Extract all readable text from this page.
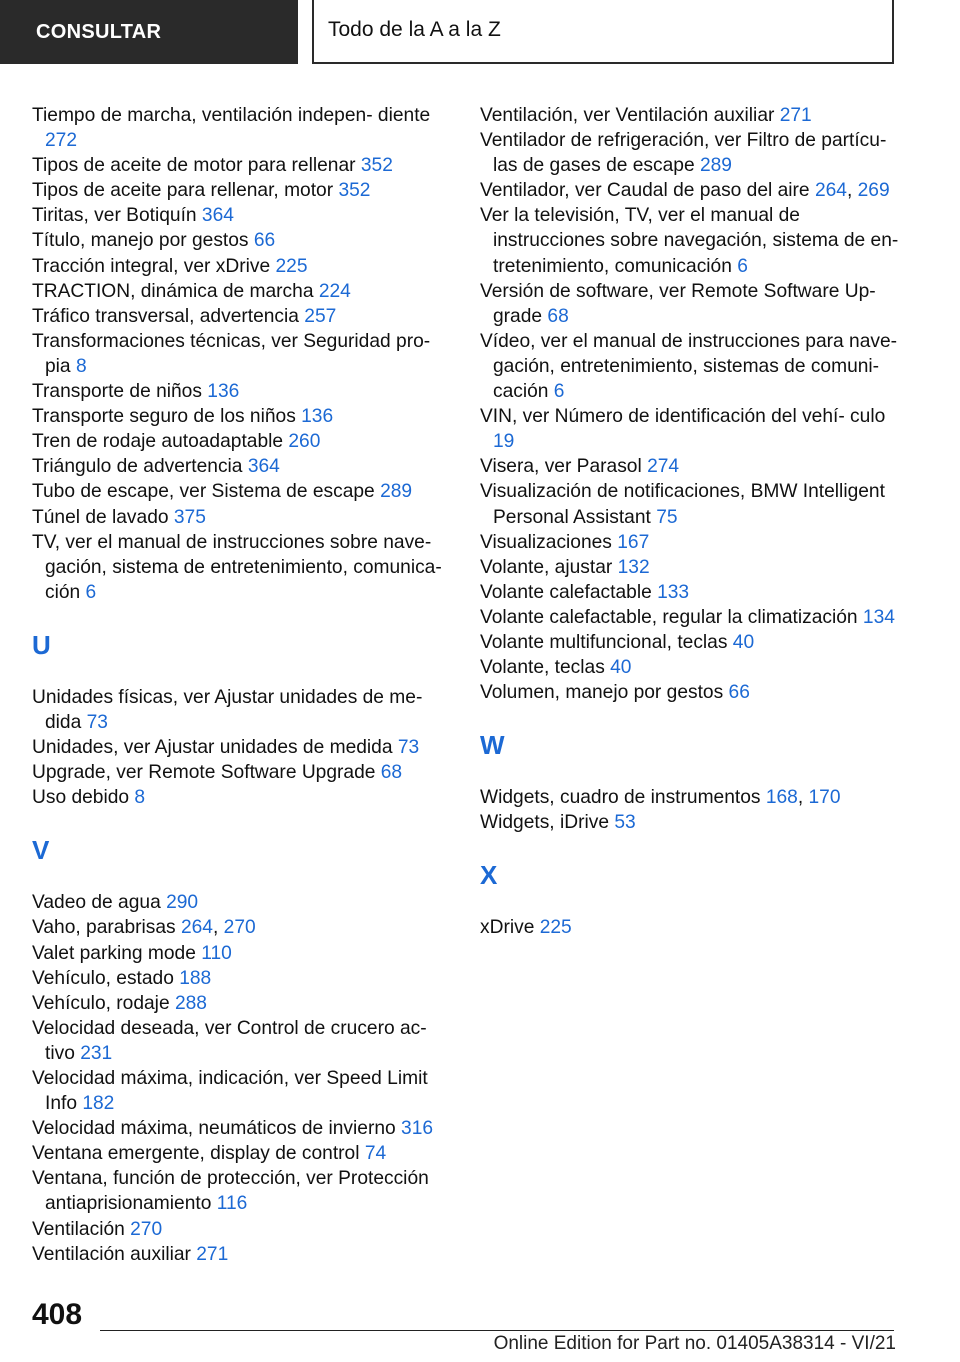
CONSULTAR	Todo de la A a la Z
Tiempo de marcha, ventilación indepen‐ diente 272
Tipos de aceite de motor para rellenar 352
Tipos de aceite para rellenar, motor 352
Tiritas, ver Botiquín 364
Título, manejo por gestos 66
Tracción integral, ver xDrive 225
TRACTION, dinámica de marcha 224
Tráfico transversal, advertencia 257
Transformaciones técnicas, ver Seguridad pro‐ pia 8
Transporte de niños 136
Transporte seguro de los niños 136
Tren de rodaje autoadaptable 260
Triángulo de advertencia 364
Tubo de escape, ver Sistema de escape 289
Túnel de lavado 375
TV, ver el manual de instrucciones sobre nave‐ gación, sistema de entretenimiento, comunica‐ ción 6
U
Unidades físicas, ver Ajustar unidades de me‐ dida 73
Unidades, ver Ajustar unidades de medida 73
Upgrade, ver Remote Software Upgrade 68
Uso debido 8
V
Vadeo de agua 290
Vaho, parabrisas 264, 270
Valet parking mode 110
Vehículo, estado 188
Vehículo, rodaje 288
Velocidad deseada, ver Control de crucero ac‐ tivo 231
Velocidad máxima, indicación, ver Speed Limit Info 182
Velocidad máxima, neumáticos de invierno 316
Ventana emergente, display de control 74
Ventana, función de protección, ver Protección antiaprisionamiento 116
Ventilación 270
Ventilación auxiliar 271
Ventilación, ver Ventilación auxiliar 271
Ventilador de refrigeración, ver Filtro de partícu‐ las de gases de escape 289
Ventilador, ver Caudal de paso del aire 264, 269
Ver la televisión, TV, ver el manual de instrucciones sobre navegación, sistema de en‐ tretenimiento, comunicación 6
Versión de software, ver Remote Software Up‐ grade 68
Vídeo, ver el manual de instrucciones para nave‐ gación, entretenimiento, sistemas de comuni‐ cación 6
VIN, ver Número de identificación del vehí‐ culo 19
Visera, ver Parasol 274
Visualización de notificaciones, BMW Intelligent Personal Assistant 75
Visualizaciones 167
Volante, ajustar 132
Volante calefactable 133
Volante calefactable, regular la climatización 134
Volante multifuncional, teclas 40
Volante, teclas 40
Volumen, manejo por gestos 66
W
Widgets, cuadro de instrumentos 168, 170
Widgets, iDrive 53
X
xDrive 225
408
Online Edition for Part no. 01405A38314 - VI/21
